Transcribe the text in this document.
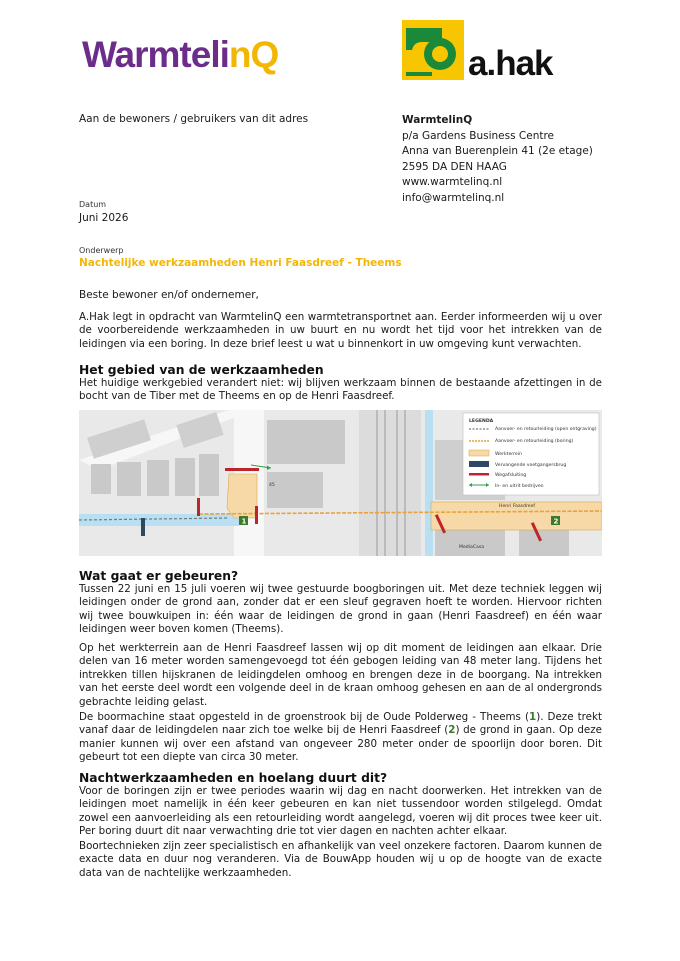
WarmtelinQ	a.hak
Aan de bewoners / gebruikers van dit adres	WarmtelinQ
p/a Gardens Business Centre
Anna van Buerenplein 41 (2e etage)
2595 DA DEN HAAG
www.warmtelinq.nl
info@warmtelinq.nl
Datum
Juni 2026
Onderwerp
Nachtelijke werkzaamheden Henri Faasdreef - Theems
Beste bewoner en/of ondernemer,

A.Hak legt in opdracht van WarmtelinQ een warmtetransportnet aan. Eerder informeerden wij u over de voorbereidende werkzaamheden in uw buurt en nu wordt het tijd voor het intrekken van de leidingen via een boring. In deze brief leest u wat u binnenkort in uw omgeving kunt verwachten.

Het gebied van de werkzaamheden

Het huidige werkgebied verandert niet: wij blijven werkzaam binnen de bestaande afzettingen in de bocht van de Tiber met de Theems en op de Henri Faasdreef.

45
Henri Faasdreef
MediaCasa
1	2
LEGENDA
Aanvoer- en retourleiding (open ontgraving)
Aanvoer- en retourleiding (boring)
Werkterrein
Vervangende voetgangersbrug
Wegafsluiting
In- en uitrit bedrijven
Wat gaat er gebeuren?

Tussen 22 juni en 15 juli voeren wij twee gestuurde boogboringen uit. Met deze techniek leggen wij leidingen onder de grond aan, zonder dat er een sleuf gegraven hoeft te worden. Hiervoor richten wij twee bouwkuipen in: één waar de leidingen de grond in gaan (Henri Faasdreef) en één waar leidingen weer boven komen (Theems).

Op het werkterrein aan de Henri Faasdreef lassen wij op dit moment de leidingen aan elkaar. Drie delen van 16 meter worden samengevoegd tot één gebogen leiding van 48 meter lang. Tijdens het intrekken tillen hijskranen de leidingdelen omhoog en brengen deze in de boorgang. Na intrekken van het eerste deel wordt een volgende deel in de kraan omhoog gehesen en aan de al ondergronds gebrachte leiding gelast.

De boormachine staat opgesteld in de groenstrook bij de Oude Polderweg - Theems (1). Deze trekt vanaf daar de leidingdelen naar zich toe welke bij de Henri Faasdreef (2) de grond in gaan. Op deze manier kunnen wij over een afstand van ongeveer 280 meter onder de spoorlijn door boren. Dit gebeurt tot een diepte van circa 30 meter.

Nachtwerkzaamheden en hoelang duurt dit?

Voor de boringen zijn er twee periodes waarin wij dag en nacht doorwerken. Het intrekken van de leidingen moet namelijk in één keer gebeuren en kan niet tussendoor worden stilgelegd. Omdat zowel een aanvoerleiding als een retourleiding wordt aangelegd, voeren wij dit proces twee keer uit. Per boring duurt dit naar verwachting drie tot vier dagen en nachten achter elkaar.

Boortechnieken zijn zeer specialistisch en afhankelijk van veel onzekere factoren. Daarom kunnen de exacte data en duur nog veranderen. Via de BouwApp houden wij u op de hoogte van de exacte data van de nachtelijke werkzaamheden.
